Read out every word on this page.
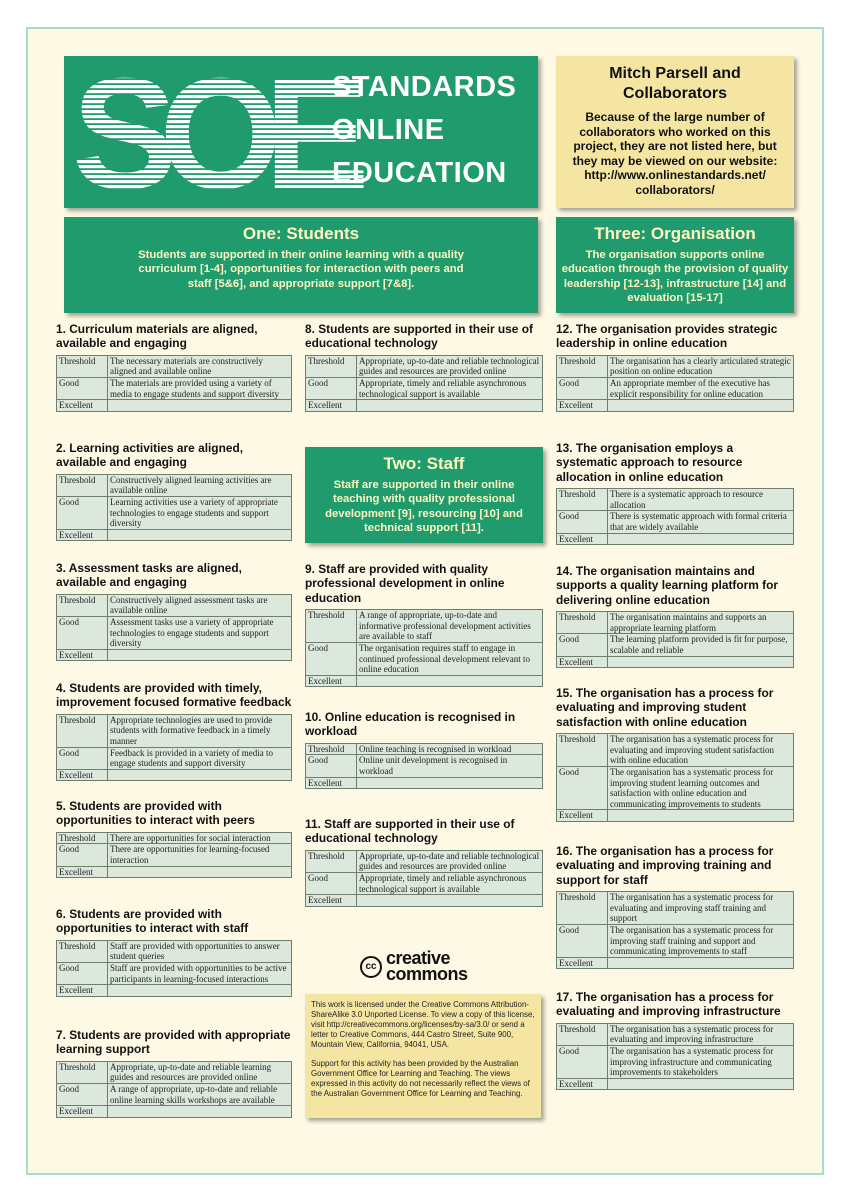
SOE
STANDARDS
ONLINE
EDUCATION
Mitch Parsell and Collaborators
Because of the large number of collaborators who worked on this project, they are not listed here, but they may be viewed on our website: http://www.onlinestandards.net/ collaborators/
One: Students
Students are supported in their online learning with a quality curriculum [1-4], opportunities for interaction with peers and staff [5&6], and appropriate support [7&8].
Three: Organisation
The organisation supports online education through the provision of quality leadership [12-13], infrastructure [14] and evaluation [15-17]
Two: Staff
Staff are supported in their online teaching with quality professional development [9], resourcing [10] and technical support [11].
1. Curriculum materials are aligned, available and engaging
Threshold	The necessary materials are constructively aligned and available online
Good	The materials are provided using a variety of media to engage students and support diversity
Excellent	
2. Learning activities are aligned, available and engaging
Threshold	Constructively aligned learning activities are available online
Good	Learning activities use a variety of appropriate technologies to engage students and support diversity
Excellent	
3. Assessment tasks are aligned, available and engaging
Threshold	Constructively aligned assessment tasks are available online
Good	Assessment tasks use a variety of appropriate technologies to engage students and support diversity
Excellent	
4. Students are provided with timely, improvement focused formative feedback
Threshold	Appropriate technologies are used to provide students with formative feedback in a timely manner
Good	Feedback is provided in a variety of media to engage students and support diversity
Excellent	
5. Students are provided with opportunities to interact with peers
Threshold	There are opportunities for social interaction
Good	There are opportunities for learning-focused interaction
Excellent	
6. Students are provided with opportunities to interact with staff
Threshold	Staff are provided with opportunities to answer student queries
Good	Staff are provided with opportunities to be active participants in learning-focused interactions
Excellent	
7. Students are provided with appropriate learning support
Threshold	Appropriate, up-to-date and reliable learning guides and resources are provided online
Good	A range of appropriate, up-to-date and reliable online learning skills workshops are available
Excellent	
8. Students are supported in their use of educational technology
Threshold	Appropriate, up-to-date and reliable technological guides and resources are provided online
Good	Appropriate, timely and reliable asynchronous technological support is available
Excellent	
9. Staff are provided with quality professional development in online education
Threshold	A range of appropriate, up-to-date and informative professional development activities are available to staff
Good	The organisation requires staff to engage in continued professional development relevant to online education
Excellent	
10. Online education is recognised in workload
Threshold	Online teaching is recognised in workload
Good	Online unit development is recognised in workload
Excellent	
11. Staff are supported in their use of educational technology
Threshold	Appropriate, up-to-date and reliable technological guides and resources are provided online
Good	Appropriate, timely and reliable asynchronous technological support is available
Excellent	
12. The organisation provides strategic leadership in online education
Threshold	The organisation has a clearly articulated strategic position on online education
Good	An appropriate member of the executive has explicit responsibility for online education
Excellent	
13. The organisation employs a systematic approach to resource allocation in online education
Threshold	There is a systematic approach to resource allocation
Good	There is systematic approach with formal criteria that are widely available
Excellent	
14. The organisation maintains and supports a quality learning platform for delivering online education
Threshold	The organisation maintains and supports an appropriate learning platform
Good	The learning platform provided is fit for purpose, scalable and reliable
Excellent	
15. The organisation has a process for evaluating and improving student satisfaction with online education
Threshold	The organisation has a systematic process for evaluating and improving student satisfaction with online education
Good	The organisation has a systematic process for improving student learning outcomes and satisfaction with online education and communicating improvements to students
Excellent	
16. The organisation has a process for evaluating and improving training and support for staff
Threshold	The organisation has a systematic process for evaluating and improving staff training and support
Good	The organisation has a systematic process for improving staff training and support and communicating improvements to staff
Excellent	
17. The organisation has a process for evaluating and improving infrastructure
Threshold	The organisation has a systematic process for evaluating and improving infrastructure
Good	The organisation has a systematic process for improving infrastructure and communicating improvements to stakeholders
Excellent	
cc creative
commons

This work is licensed under the Creative Commons Attribution-ShareAlike 3.0 Unported License. To view a copy of this license, visit http://creativecommons.org/licenses/by-sa/3.0/ or send a letter to Creative Commons, 444 Castro Street, Suite 900, Mountain View, California, 94041, USA.

Support for this activity has been provided by the Australian Government Office for Learning and Teaching. The views expressed in this activity do not necessarily reflect the views of the Australian Government Office for Learning and Teaching.
